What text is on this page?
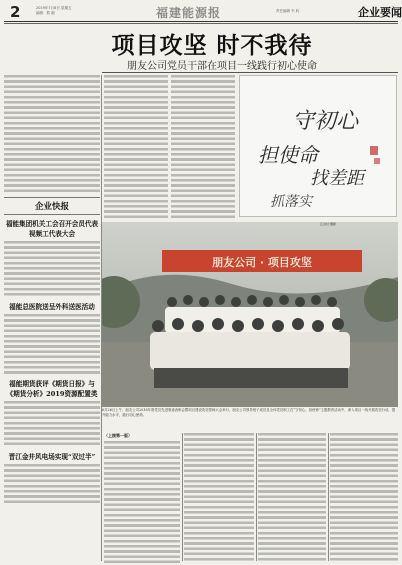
2	2019年7月8日 星期五
编辑：熊 刚	福建能源报	责任编辑 韦 昀	企业要闻
企业快报
福能集团机关工会召开会员代表视频工代表大会
福能总医院送呈外科送医活动
福能期货获评《期货日报》与《期货分析》2019资源配置类
晋江金井风电场实现“双过半”
项目攻坚 时不我待
朋友公司党员干部在项目一线践行初心使命
守初心
担使命
找差距
抓落实
朋友公司 · 项目攻坚
江汶村 摄影
6月26日上午，朋友公司2018年度党员先进事迹表彰会暨项目建设攻坚誓师大会举行，朋友公司领导班子成员及全体党员职工在“守初心、担使命”主题教育活动中，深入项目一线开展攻坚行动，提升能力水平，践行初心使命。
（上接第一版）
